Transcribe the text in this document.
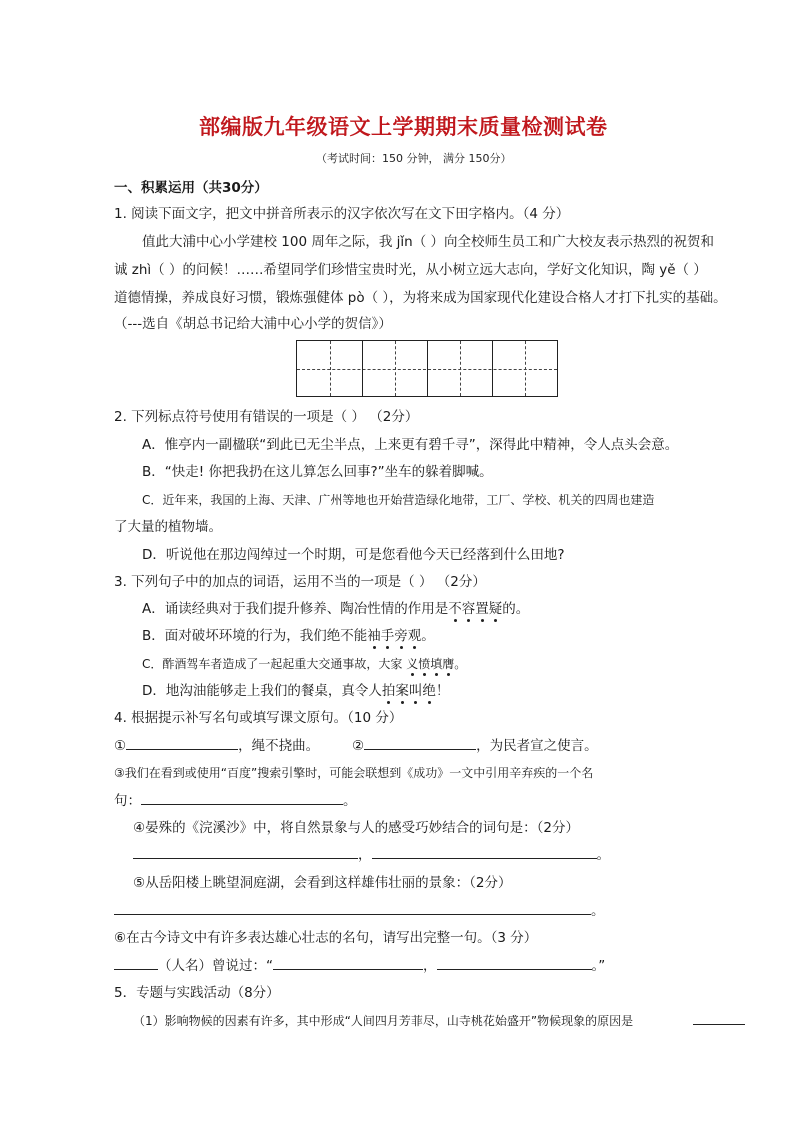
部编版九年级语文上学期期末质量检测试卷
（考试时间：150 分钟， 满分 150分）
一、积累运用（共30分）
1. 阅读下面文字，把文中拼音所表示的汉字依次写在文下田字格内。（4 分）
值此大浦中心小学建校 100 周年之际，我 jǐn（ ）向全校师生员工和广大校友表示热烈的祝贺和
诚 zhì（ ）的问候！……希望同学们珍惜宝贵时光，从小树立远大志向，学好文化知识，陶 yě（ ）
道德情操，养成良好习惯，锻炼强健体 pò（ ），为将来成为国家现代化建设合格人才打下扎实的基础。
（---选自《胡总书记给大浦中心小学的贺信》）
2. 下列标点符号使用有错误的一项是（ ） （2分）
A．惟亭内一副楹联“到此已无尘半点，上来更有碧千寻”，深得此中精神，令人点头会意。
B．“快走! 你把我扔在这儿算怎么回事?”坐车的躲着脚喊。
C．近年来，我国的上海、天津、广州等地也开始营造绿化地带，工厂、学校、机关的四周也建造
了大量的植物墙。
D．听说他在那边闯绰过一个时期，可是您看他今天已经落到什么田地?
3. 下列句子中的加点的词语，运用不当的一项是（ ） （2分）
A．诵读经典对于我们提升修养、陶冶性情的作用是不容置疑的。
B．面对破坏环境的行为，我们绝不能袖手旁观。
C．酢酒驾车者造成了一起起重大交通事故，大家 义愤填膺。
D．地沟油能够走上我们的餐桌，真令人拍案叫绝！
4. 根据提示补写名句或填写课文原句。（10 分）
①	，绳不挠曲。 ②	，为民者宣之使言。
③我们在看到或使用“百度”搜索引擎时，可能会联想到《成功》一文中引用辛弃疾的一个名
句：	。
④晏殊的《浣溪沙》中，将自然景象与人的感受巧妙结合的词句是：（2分）
，	。
⑤从岳阳楼上眺望洞庭湖，会看到这样雄伟壮丽的景象：（2分）
。
⑥在古今诗文中有许多表达雄心壮志的名句，请写出完整一句。（3 分）
（人名）曾说过：“	，	。”
5．专题与实践活动（8分）
（1）影响物候的因素有许多，其中形成“人间四月芳菲尽，山寺桃花始盛开”物候现象的原因是
